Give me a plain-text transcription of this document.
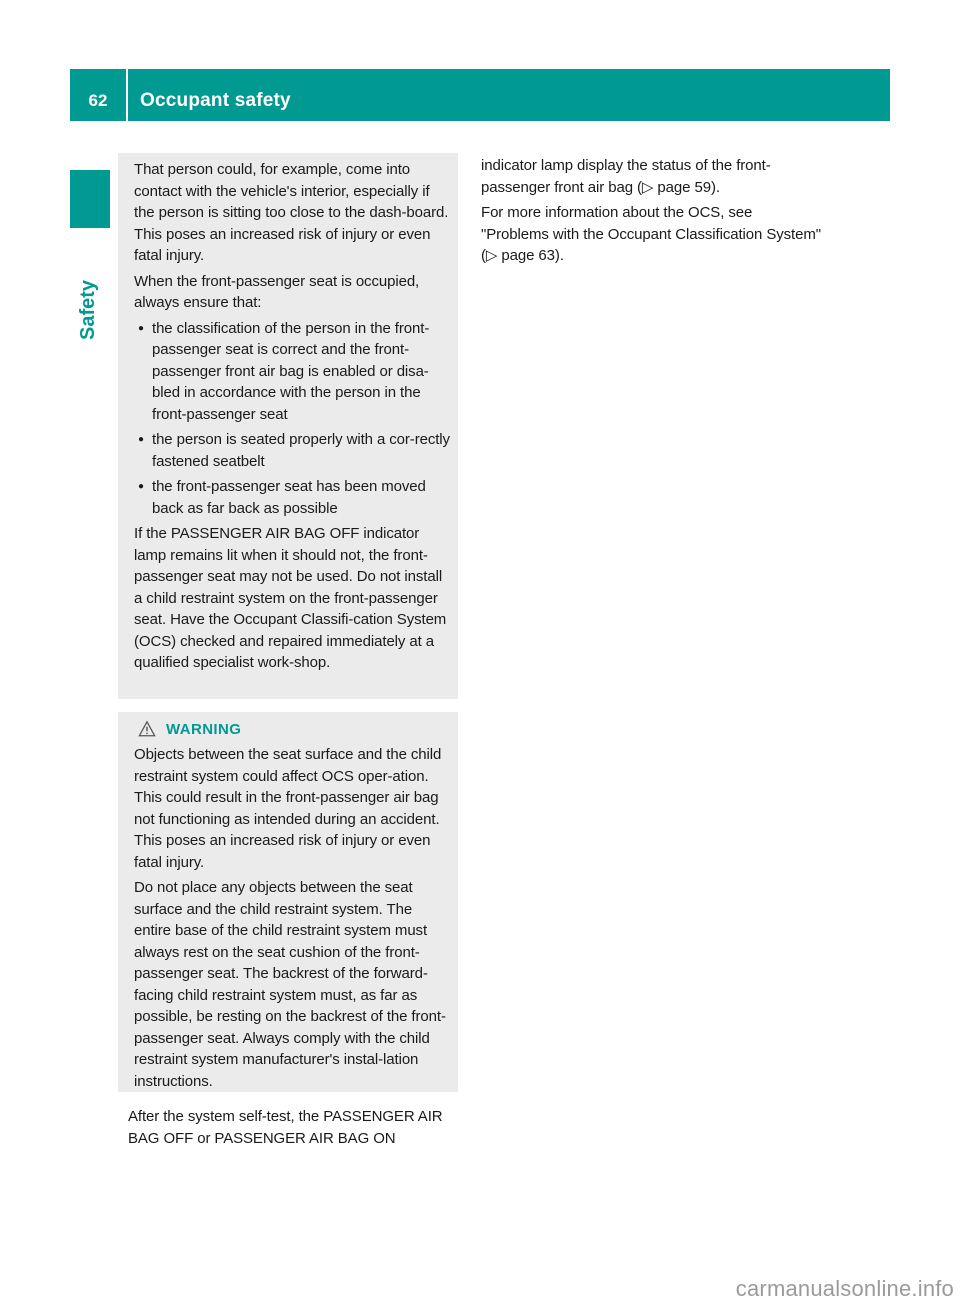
62	Occupant safety
Safety

That person could, for example, come into contact with the vehicle's interior, especially if the person is sitting too close to the dash-board. This poses an increased risk of injury or even fatal injury.

When the front-passenger seat is occupied, always ensure that:

● the classification of the person in the front-passenger seat is correct and the front-passenger front air bag is enabled or disa-bled in accordance with the person in the front-passenger seat
● the person is seated properly with a cor-rectly fastened seatbelt
● the front-passenger seat has been moved back as far back as possible

If the PASSENGER AIR BAG OFF indicator lamp remains lit when it should not, the front-passenger seat may not be used. Do not install a child restraint system on the front-passenger seat. Have the Occupant Classifi-cation System (OCS) checked and repaired immediately at a qualified specialist work-shop.

WARNING

Objects between the seat surface and the child restraint system could affect OCS oper-ation. This could result in the front-passenger air bag not functioning as intended during an accident. This poses an increased risk of injury or even fatal injury.

Do not place any objects between the seat surface and the child restraint system. The entire base of the child restraint system must always rest on the seat cushion of the front-passenger seat. The backrest of the forward-facing child restraint system must, as far as possible, be resting on the backrest of the front-passenger seat. Always comply with the child restraint system manufacturer's instal-lation instructions.

After the system self-test, the PASSENGER AIR BAG OFF or PASSENGER AIR BAG ON

indicator lamp display the status of the front-passenger front air bag (▷ page 59).

For more information about the OCS, see "Problems with the Occupant Classification System" (▷ page 63).

carmanualsonline.info
